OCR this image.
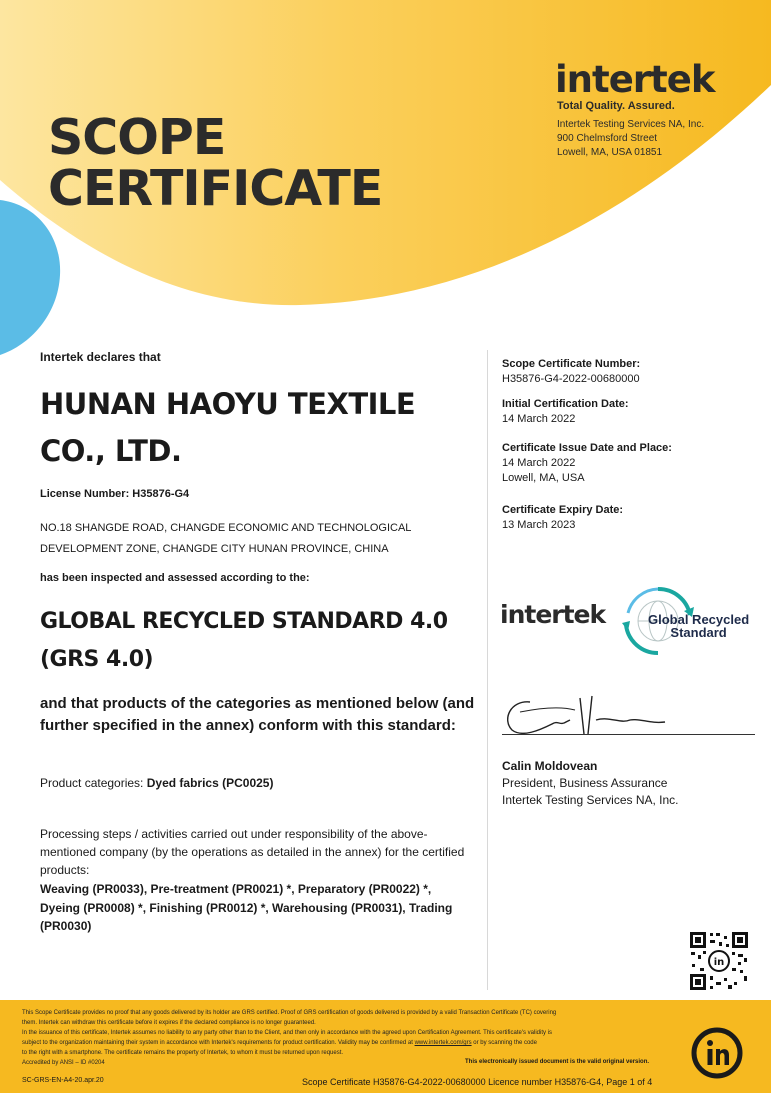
SCOPE
CERTIFICATE
intertek
Total Quality. Assured.
Intertek Testing Services NA, Inc.
900 Chelmsford Street
Lowell, MA, USA 01851
Intertek declares that
HUNAN HAOYU TEXTILE CO., LTD.
License Number: H35876-G4
NO.18 SHANGDE ROAD, CHANGDE ECONOMIC AND TECHNOLOGICAL
DEVELOPMENT ZONE, CHANGDE CITY HUNAN PROVINCE, CHINA
has been inspected and assessed according to the:
GLOBAL RECYCLED STANDARD 4.0 (GRS 4.0)
and that products of the categories as mentioned below (and further specified in the annex) conform with this standard:
Product categories: Dyed fabrics (PC0025)
Processing steps / activities carried out under responsibility of the above-mentioned company (by the operations as detailed in the annex) for the certified products:
Weaving (PR0033), Pre-treatment (PR0021) *, Preparatory (PR0022) *, Dyeing (PR0008) *, Finishing (PR0012) *, Warehousing (PR0031), Trading (PR0030)
Scope Certificate Number:
H35876-G4-2022-00680000
Initial Certification Date:
14 March 2022
Certificate Issue Date and Place:
14 March 2022
Lowell, MA, USA
Certificate Expiry Date:
13 March 2023
intertek	Global Recycled
Standard
Calin Moldovean
President, Business Assurance
Intertek Testing Services NA, Inc.
in
This Scope Certificate provides no proof that any goods delivered by its holder are GRS certified. Proof of GRS certification of goods delivered is provided by a valid Transaction Certificate (TC) covering
them. Intertek can withdraw this certificate before it expires if the declared compliance is no longer guaranteed.
In the issuance of this certificate, Intertek assumes no liability to any party other than to the Client, and then only in accordance with the agreed upon Certification Agreement. This certificate's validity is
subject to the organization maintaining their system in accordance with Intertek's requirements for product certification. Validity may be confirmed at www.intertek.com/grs or by scanning the code
to the right with a smartphone. The certificate remains the property of Intertek, to whom it must be returned upon request.
Accredited by ANSI – ID #0204	This electronically issued document is the valid original version.
SC-GRS-EN-A4-20.apr.20	Scope Certificate H35876-G4-2022-00680000 Licence number H35876-G4, Page 1 of 4
